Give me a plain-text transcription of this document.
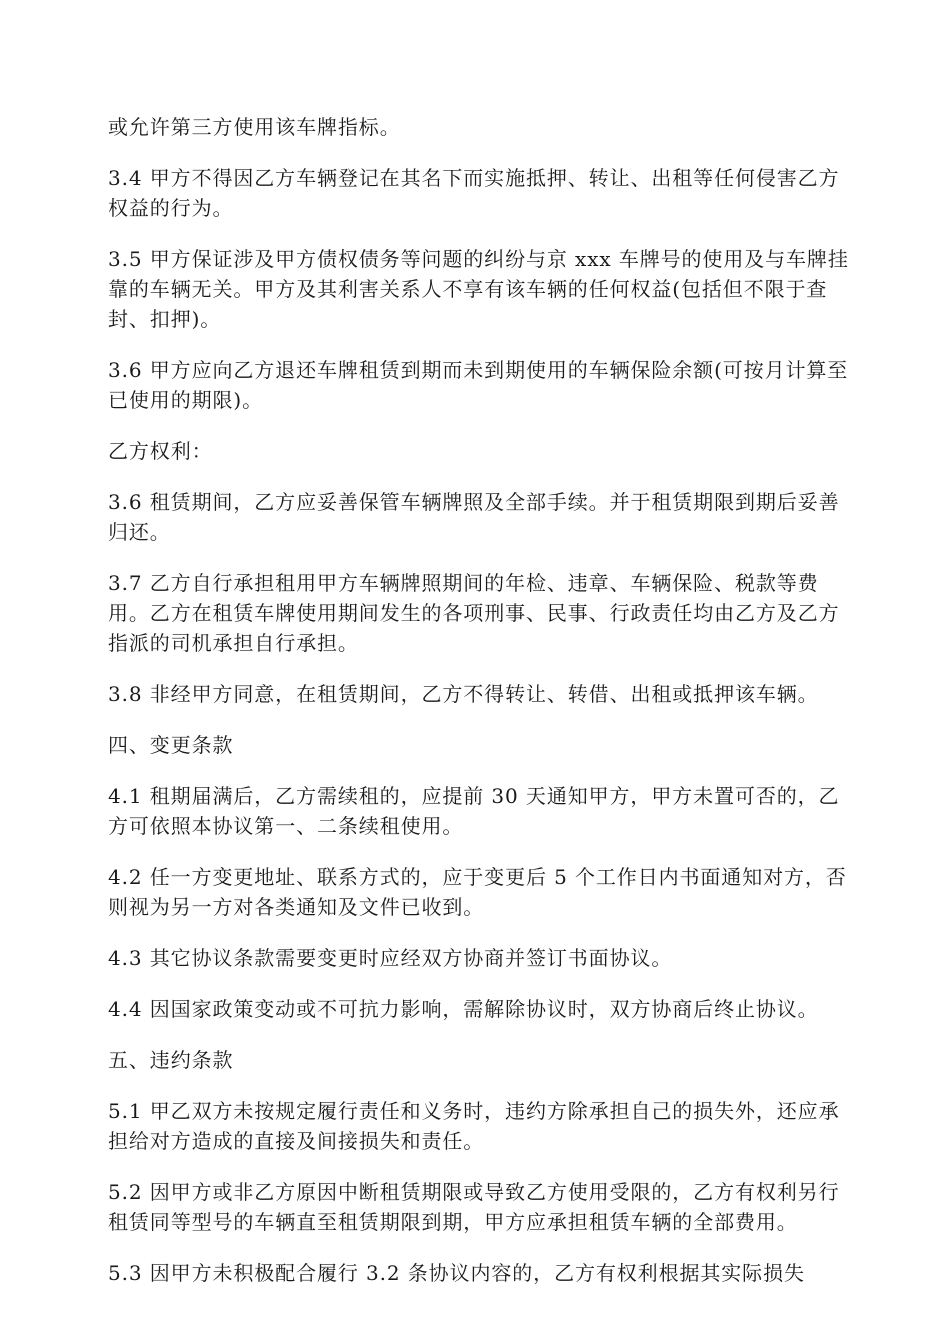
或允许第三方使用该车牌指标。

3.4 甲方不得因乙方车辆登记在其名下而实施抵押、转让、出租等任何侵害乙方权益的行为。

3.5 甲方保证涉及甲方债权债务等问题的纠纷与京 xxx 车牌号的使用及与车牌挂靠的车辆无关。甲方及其利害关系人不享有该车辆的任何权益(包括但不限于查封、扣押)。

3.6 甲方应向乙方退还车牌租赁到期而未到期使用的车辆保险余额(可按月计算至已使用的期限)。

乙方权利：

3.6 租赁期间，乙方应妥善保管车辆牌照及全部手续。并于租赁期限到期后妥善归还。

3.7 乙方自行承担租用甲方车辆牌照期间的年检、违章、车辆保险、税款等费用。乙方在租赁车牌使用期间发生的各项刑事、民事、行政责任均由乙方及乙方指派的司机承担自行承担。

3.8 非经甲方同意，在租赁期间，乙方不得转让、转借、出租或抵押该车辆。

四、变更条款

4.1 租期届满后，乙方需续租的，应提前 30 天通知甲方，甲方未置可否的，乙方可依照本协议第一、二条续租使用。

4.2 任一方变更地址、联系方式的，应于变更后 5 个工作日内书面通知对方，否则视为另一方对各类通知及文件已收到。

4.3 其它协议条款需要变更时应经双方协商并签订书面协议。

4.4 因国家政策变动或不可抗力影响，需解除协议时，双方协商后终止协议。

五、违约条款

5.1 甲乙双方未按规定履行责任和义务时，违约方除承担自己的损失外，还应承担给对方造成的直接及间接损失和责任。

5.2 因甲方或非乙方原因中断租赁期限或导致乙方使用受限的，乙方有权利另行租赁同等型号的车辆直至租赁期限到期，甲方应承担租赁车辆的全部费用。

5.3 因甲方未积极配合履行 3.2 条协议内容的，乙方有权利根据其实际损失
